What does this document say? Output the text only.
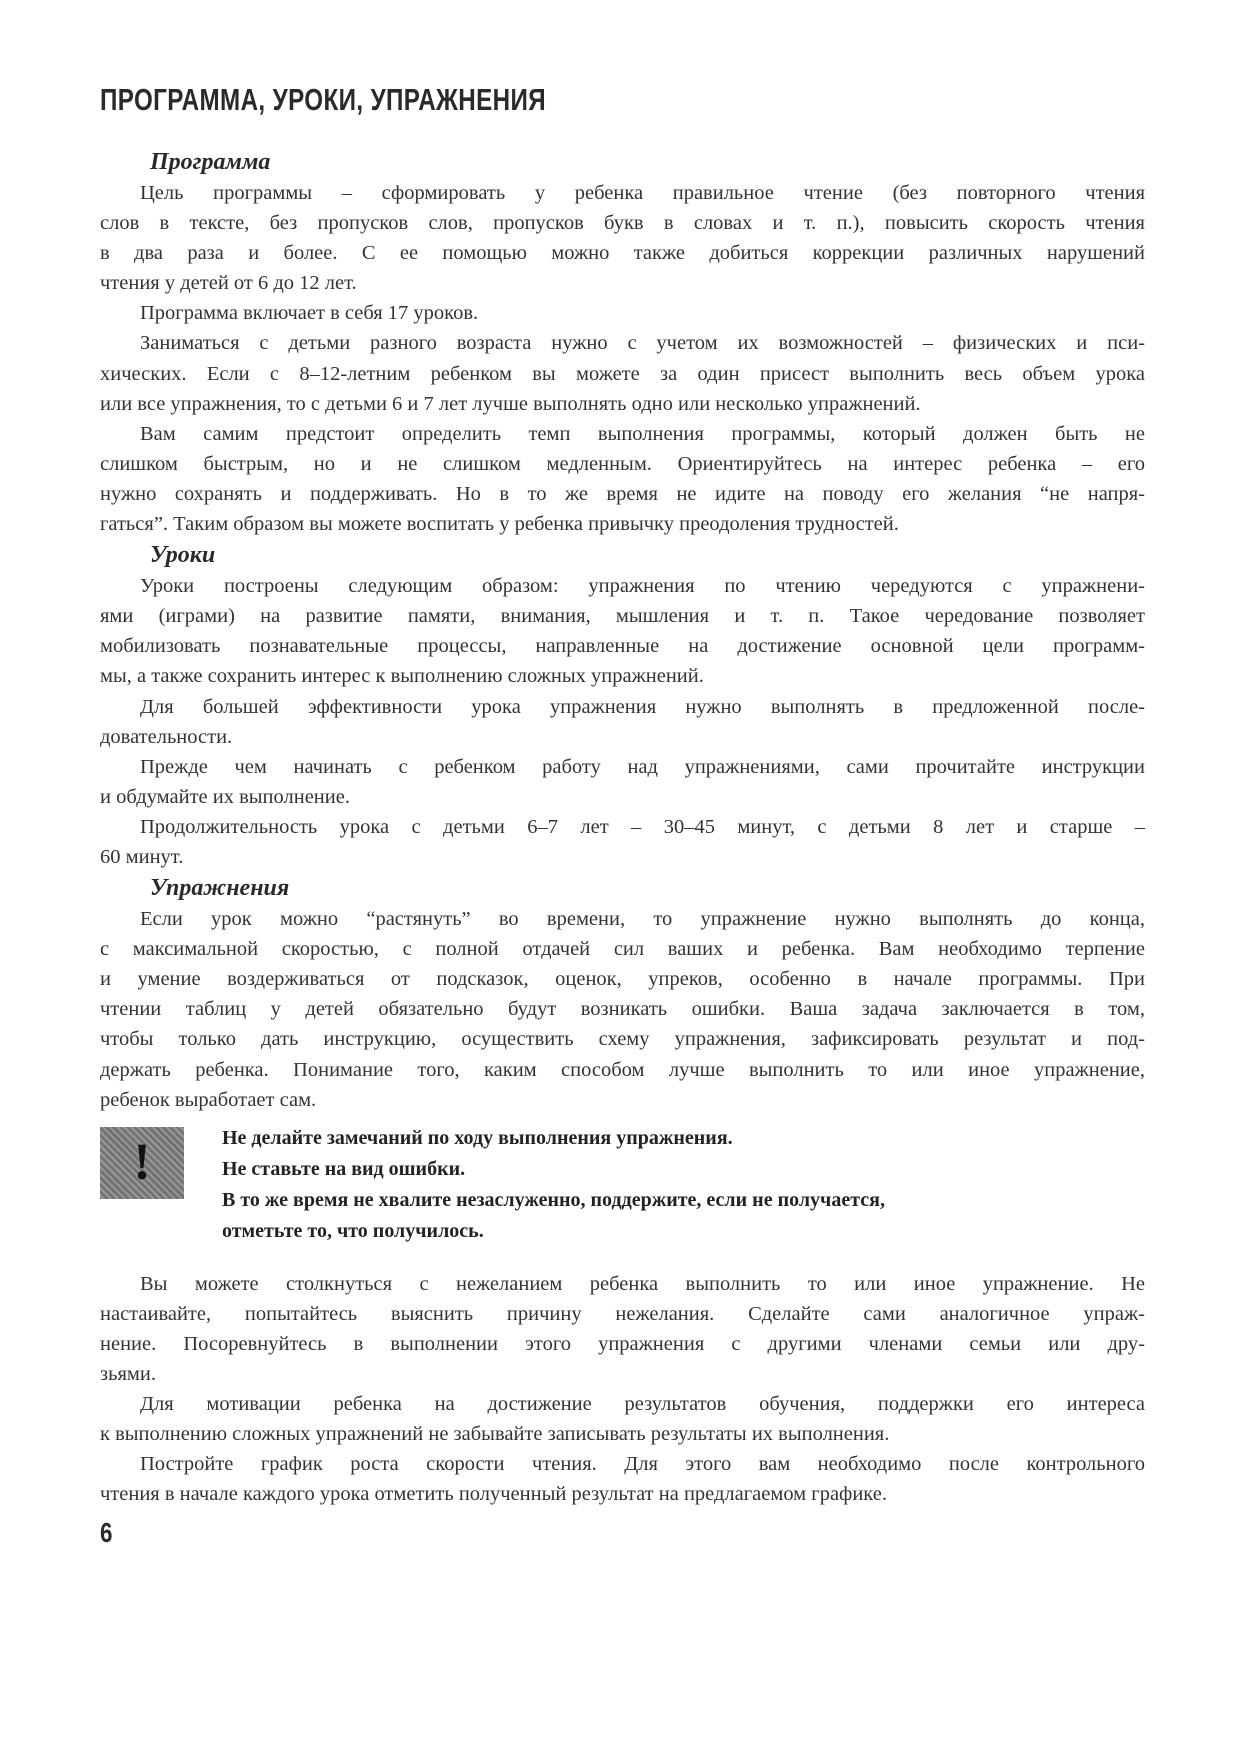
ПРОГРАММА, УРОКИ, УПРАЖНЕНИЯ
Программа
Цель программы – сформировать у ребенка правильное чтение (без повторного чтения
слов в тексте, без пропусков слов, пропусков букв в словах и т. п.), повысить скорость чтения
в два раза и более. С ее помощью можно также добиться коррекции различных нарушений
чтения у детей от 6 до 12 лет.
Программа включает в себя 17 уроков.
Заниматься с детьми разного возраста нужно с учетом их возможностей – физических и пси-
хических. Если с 8–12-летним ребенком вы можете за один присест выполнить весь объем урока
или все упражнения, то с детьми 6 и 7 лет лучше выполнять одно или несколько упражнений.
Вам самим предстоит определить темп выполнения программы, который должен быть не
слишком быстрым, но и не слишком медленным. Ориентируйтесь на интерес ребенка – его
нужно сохранять и поддерживать. Но в то же время не идите на поводу его желания “не напря-
гаться”. Таким образом вы можете воспитать у ребенка привычку преодоления трудностей.
Уроки
Уроки построены следующим образом: упражнения по чтению чередуются с упражнени-
ями (играми) на развитие памяти, внимания, мышления и т. п. Такое чередование позволяет
мобилизовать познавательные процессы, направленные на достижение основной цели программ-
мы, а также сохранить интерес к выполнению сложных упражнений.
Для большей эффективности урока упражнения нужно выполнять в предложенной после-
довательности.
Прежде чем начинать с ребенком работу над упражнениями, сами прочитайте инструкции
и обдумайте их выполнение.
Продолжительность урока с детьми 6–7 лет – 30–45 минут, с детьми 8 лет и старше –
60 минут.
Упражнения
Если урок можно “растянуть” во времени, то упражнение нужно выполнять до конца,
с максимальной скоростью, с полной отдачей сил ваших и ребенка. Вам необходимо терпение
и умение воздерживаться от подсказок, оценок, упреков, особенно в начале программы. При
чтении таблиц у детей обязательно будут возникать ошибки. Ваша задача заключается в том,
чтобы только дать инструкцию, осуществить схему упражнения, зафиксировать результат и под-
держать ребенка. Понимание того, каким способом лучше выполнить то или иное упражнение,
ребенок выработает сам.
!	Не делайте замечаний по ходу выполнения упражнения.
Не ставьте на вид ошибки.
В то же время не хвалите незаслуженно, поддержите, если не получается,
отметьте то, что получилось.
Вы можете столкнуться с нежеланием ребенка выполнить то или иное упражнение. Не
настаивайте, попытайтесь выяснить причину нежелания. Сделайте сами аналогичное упраж-
нение. Посоревнуйтесь в выполнении этого упражнения с другими членами семьи или дру-
зьями.
Для мотивации ребенка на достижение результатов обучения, поддержки его интереса
к выполнению сложных упражнений не забывайте записывать результаты их выполнения.
Постройте график роста скорости чтения. Для этого вам необходимо после контрольного
чтения в начале каждого урока отметить полученный результат на предлагаемом графике.
6
